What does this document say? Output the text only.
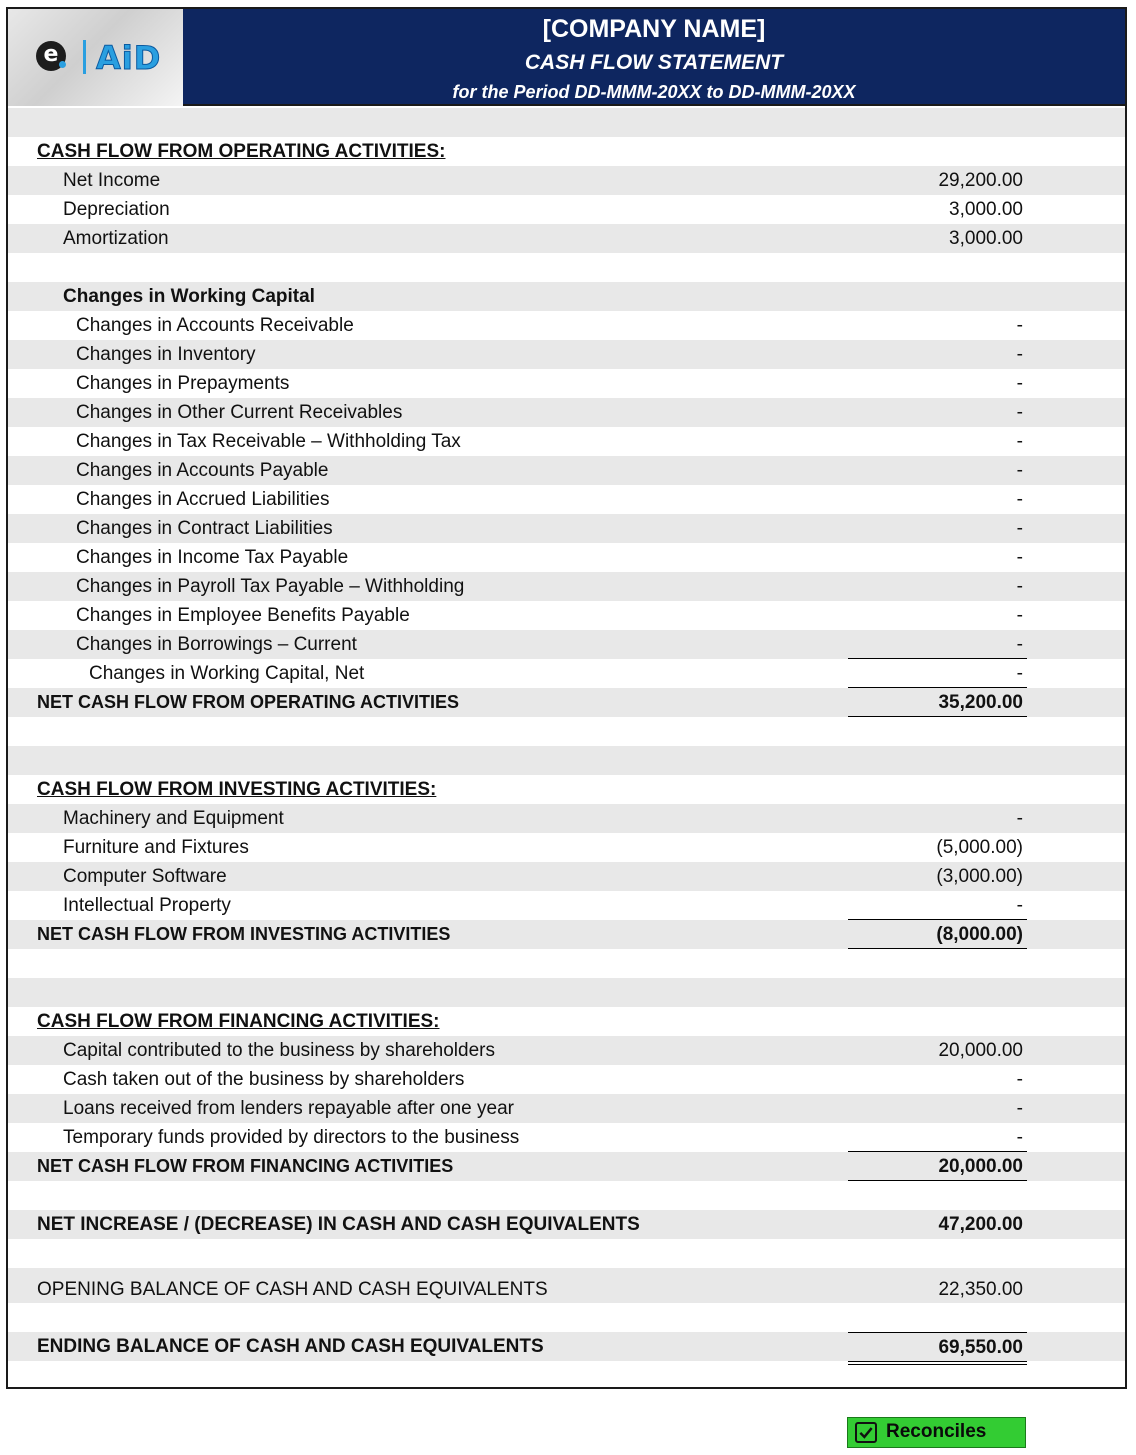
e AiD
[COMPANY NAME]
CASH FLOW STATEMENT
for the Period DD-MMM-20XX to DD-MMM-20XX
CASH FLOW FROM OPERATING ACTIVITIES:
Net Income	29,200.00
Depreciation	3,000.00
Amortization	3,000.00
Changes in Working Capital
Changes in Accounts Receivable	-
Changes in Inventory	-
Changes in Prepayments	-
Changes in Other Current Receivables	-
Changes in Tax Receivable – Withholding Tax	-
Changes in Accounts Payable	-
Changes in Accrued Liabilities	-
Changes in Contract Liabilities	-
Changes in Income Tax Payable	-
Changes in Payroll Tax Payable – Withholding	-
Changes in Employee Benefits Payable	-
Changes in Borrowings – Current	-
Changes in Working Capital, Net	-
NET CASH FLOW FROM OPERATING ACTIVITIES	35,200.00
CASH FLOW FROM INVESTING ACTIVITIES:
Machinery and Equipment	-
Furniture and Fixtures	(5,000.00)
Computer Software	(3,000.00)
Intellectual Property	-
NET CASH FLOW FROM INVESTING ACTIVITIES	(8,000.00)
CASH FLOW FROM FINANCING ACTIVITIES:
Capital contributed to the business by shareholders	20,000.00
Cash taken out of the business by shareholders	-
Loans received from lenders repayable after one year	-
Temporary funds provided by directors to the business	-
NET CASH FLOW FROM FINANCING ACTIVITIES	20,000.00
NET INCREASE / (DECREASE) IN CASH AND CASH EQUIVALENTS	47,200.00
OPENING BALANCE OF CASH AND CASH EQUIVALENTS	22,350.00
ENDING BALANCE OF CASH AND CASH EQUIVALENTS	69,550.00
Reconciles
